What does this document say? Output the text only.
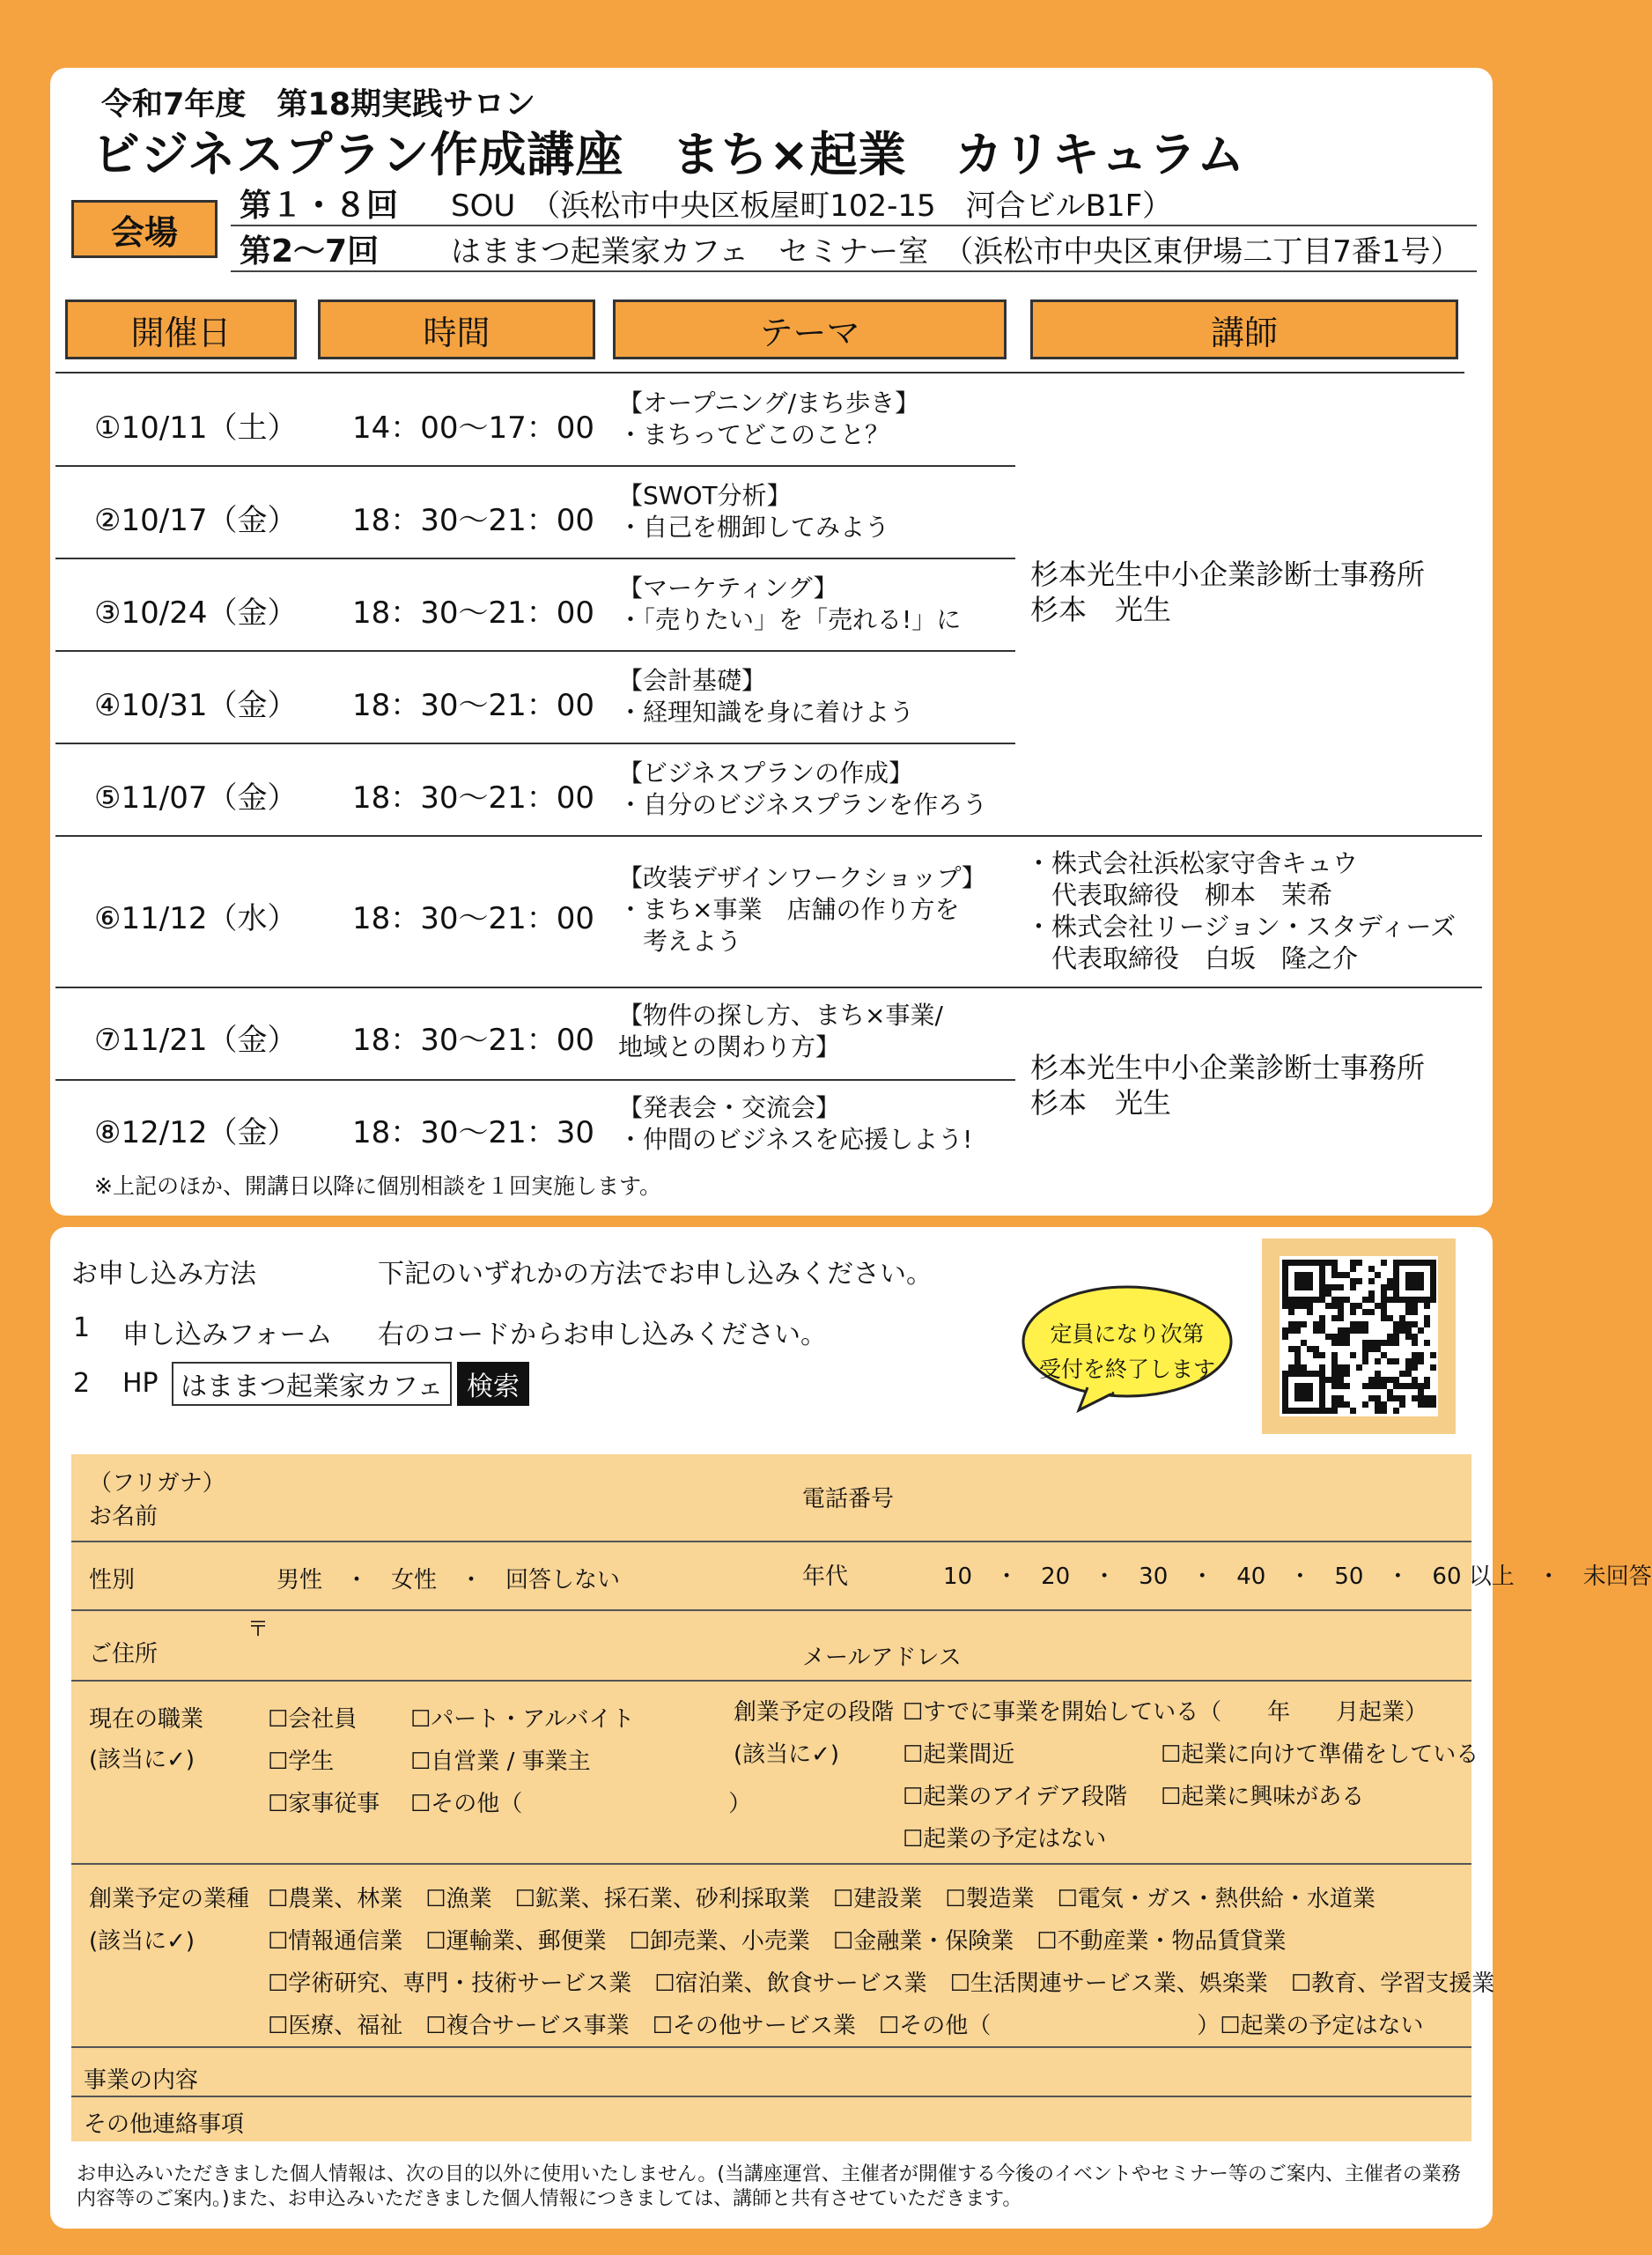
令和7年度　第18期実践サロン
ビジネスプラン作成講座　まち×起業　カリキュラム
会場
第１・８回 SOU　（浜松市中央区板屋町102-15　河合ビルB1F）
第2～7回 はままつ起業家カフェ　セミナー室　（浜松市中央区東伊場二丁目7番1号）
開催日	時間	テーマ	講師
①10/11（土） 14：00～17：00
【オープニング/まち歩き】
・まちってどこのこと？
②10/17（金） 18：30～21：00
【SWOT分析】
・自己を棚卸してみよう
③10/24（金） 18：30～21：00
【マーケティング】
・「売りたい」を「売れる!」に
④10/31（金） 18：30～21：00
【会計基礎】
・経理知識を身に着けよう
⑤11/07（金） 18：30～21：00
【ビジネスプランの作成】
・自分のビジネスプランを作ろう
⑥11/12（水） 18：30～21：00
【改装デザインワークショップ】
・まち×事業　店舗の作り方を
　考えよう
⑦11/21（金） 18：30～21：00
【物件の探し方、まち×事業/
地域との関わり方】
⑧12/12（金） 18：30～21：30
【発表会・交流会】
・仲間のビジネスを応援しよう!
杉本光生中小企業診断士事務所
杉本　光生
・株式会社浜松家守舎キュウ
　代表取締役　柳本　茉希
・株式会社リージョン・スタディーズ
　代表取締役　白坂　隆之介
杉本光生中小企業診断士事務所
杉本　光生
※上記のほか、開講日以降に個別相談を１回実施します。
お申し込み方法	下記のいずれかの方法でお申し込みください。
1 申し込みフォーム 右のコードからお申し込みください。
2 HP はままつ起業家カフェ 検索
定員になり次第
受付を終了します
（フリガナ）
お名前
電話番号
性別	男性　・　女性　・　回答しない	年代	10　・　20　・　30　・　40　・　50　・　60 以上　・　未回答
ご住所
〒
メールアドレス
現在の職業
(該当に✓)
☐会社員 ☐パート・アルバイト
☐学生	☐自営業 / 事業主
☐家事従事 ☐その他（　　　　　　　　　）
創業予定の段階
(該当に✓)
☐すでに事業を開始している（　　年　　月起業）
☐起業間近	☐起業に向けて準備をしている
☐起業のアイデア段階 ☐起業に興味がある
☐起業の予定はない
創業予定の業種
(該当に✓)
☐農業、林業　☐漁業　☐鉱業、採石業、砂利採取業　☐建設業　☐製造業　☐電気・ガス・熱供給・水道業
☐情報通信業　☐運輸業、郵便業　☐卸売業、小売業　☐金融業・保険業　☐不動産業・物品賃貸業
☐学術研究、専門・技術サービス業　☐宿泊業、飲食サービス業　☐生活関連サービス業、娯楽業　☐教育、学習支援業
☐医療、福祉　☐複合サービス事業　☐その他サービス業　☐その他（　　　　　　　　　）☐起業の予定はない
事業の内容
その他連絡事項
お申込みいただきました個人情報は、次の目的以外に使用いたしません。(当講座運営、主催者が開催する今後のイベントやセミナー等のご案内、主催者の業務内容等のご案内。)また、お申込みいただきました個人情報につきましては、講師と共有させていただきます。
